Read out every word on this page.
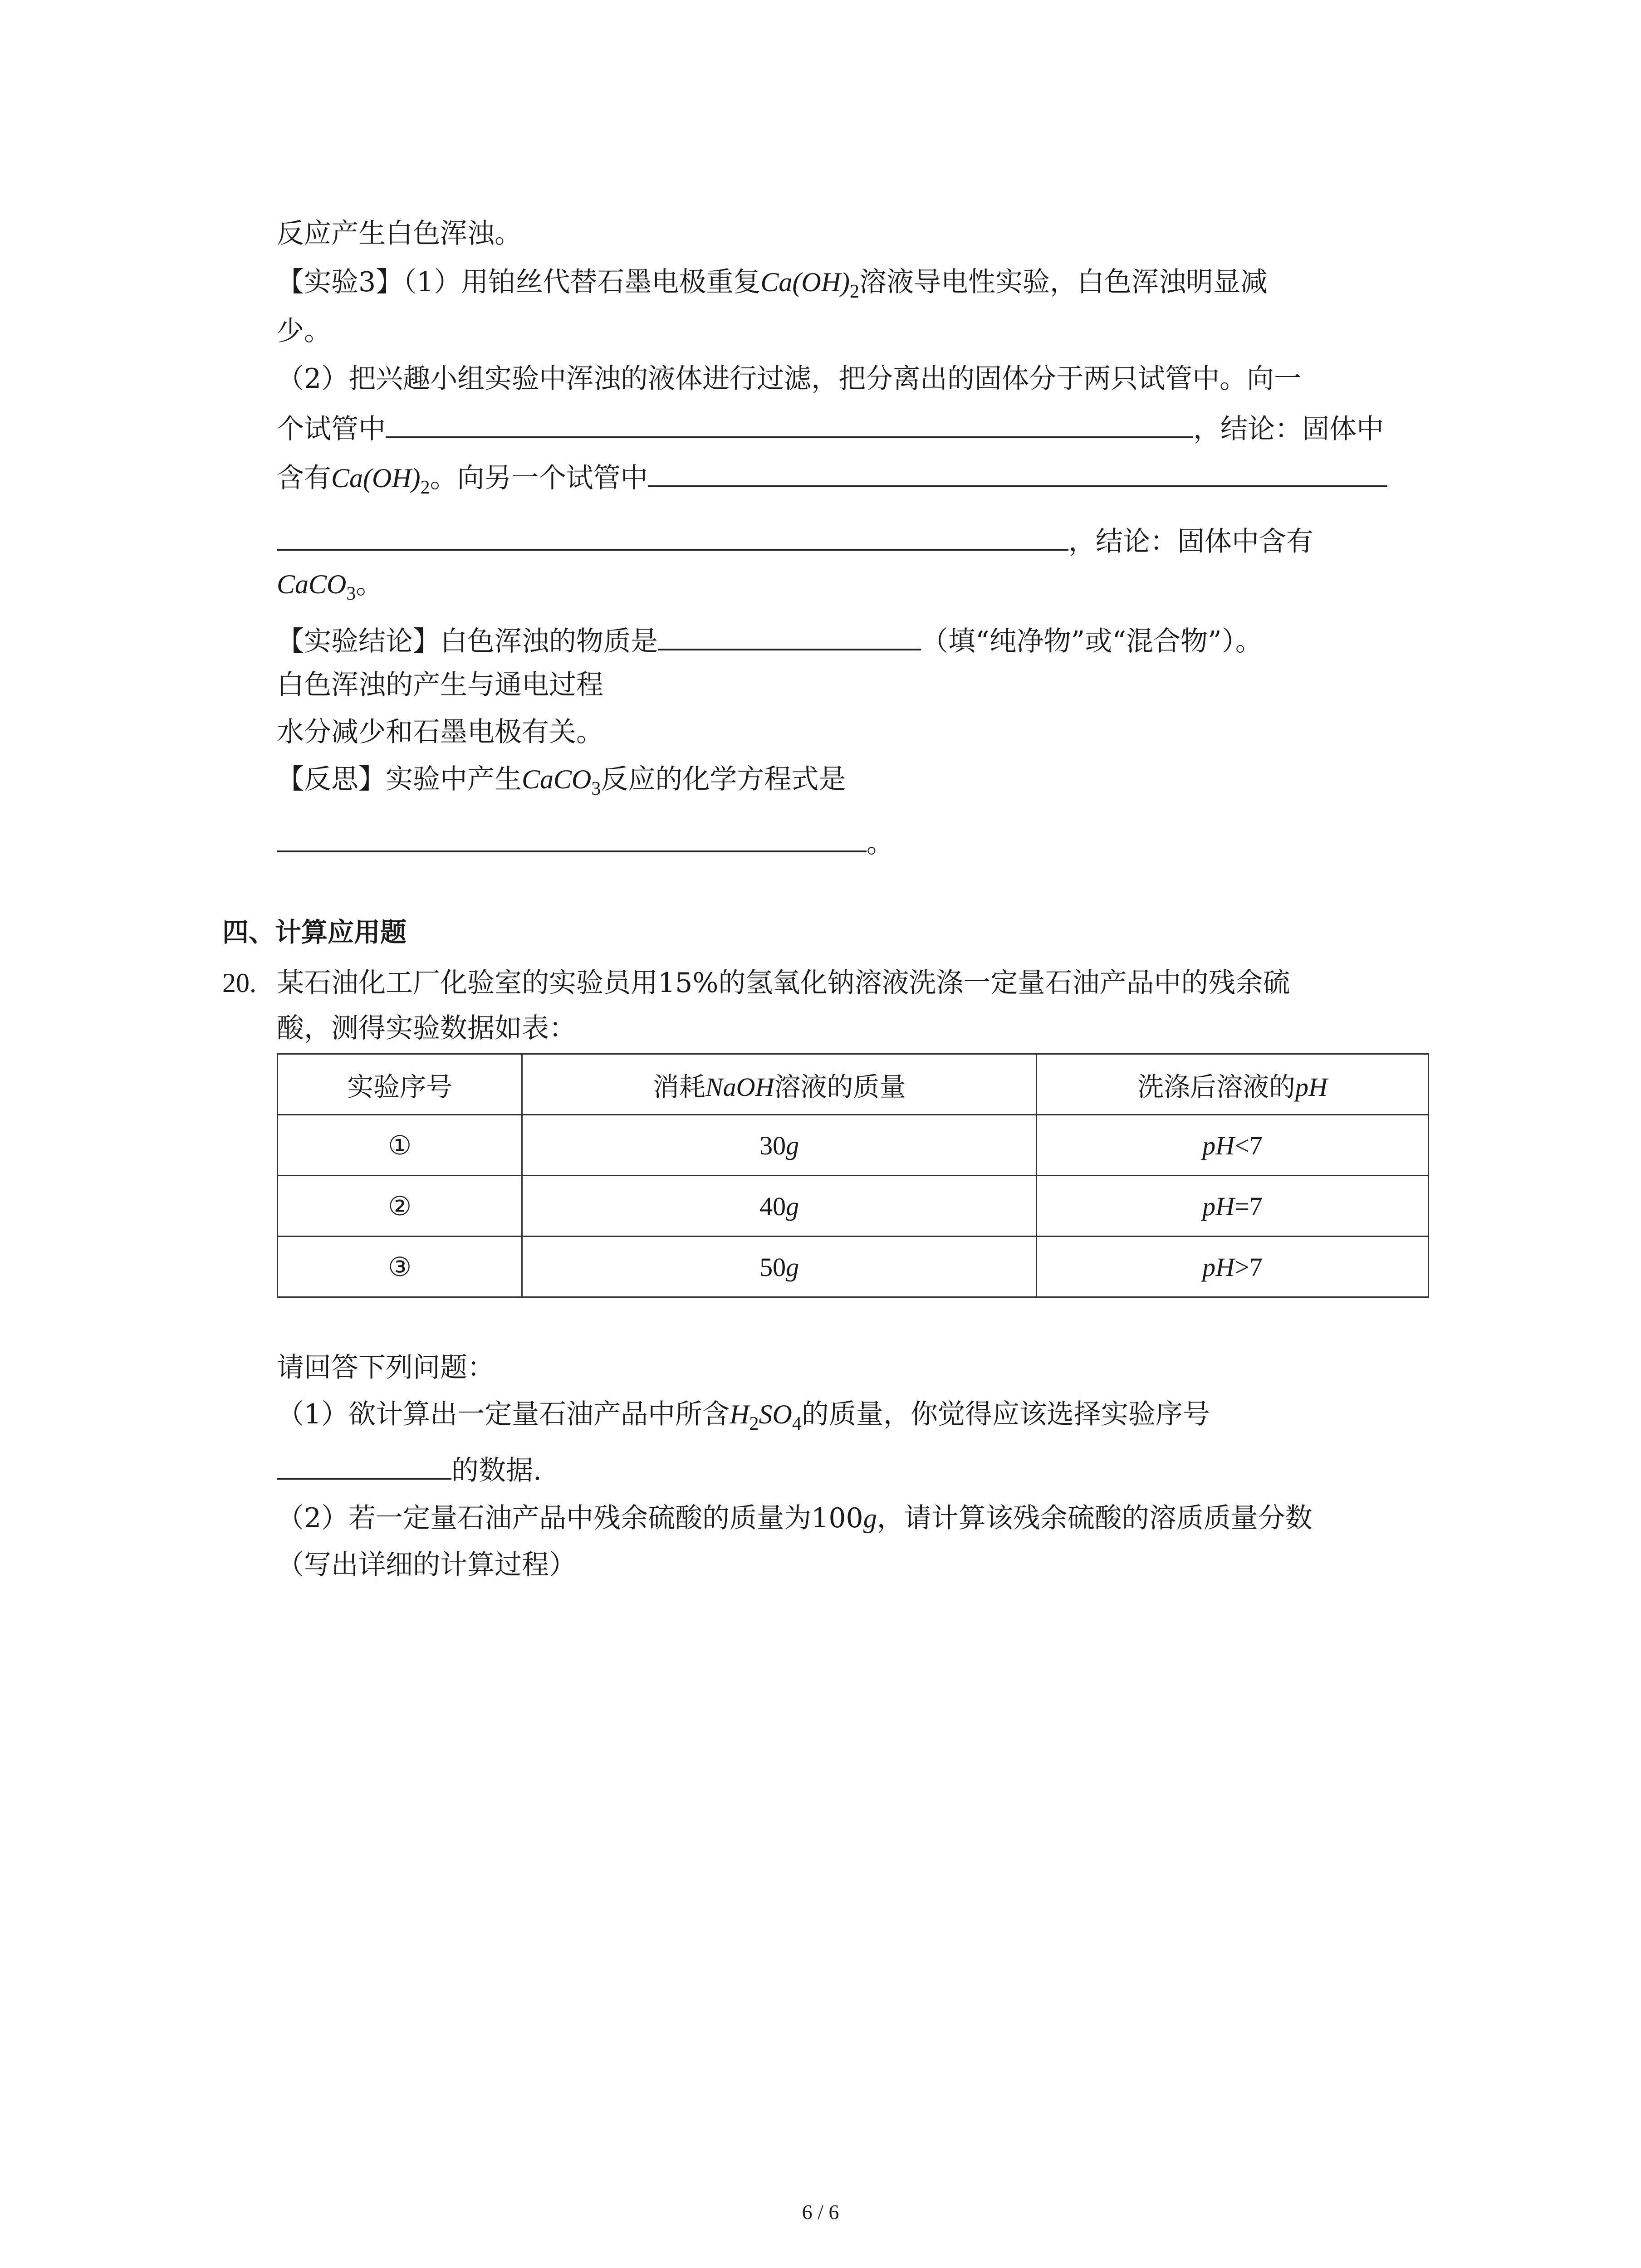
反应产生白色浑浊。
【实验3】（1）用铂丝代替石墨电极重复$Ca(OH)_2$溶液导电性实验，白色浑浊明显减
少。
（2）把兴趣小组实验中浑浊的液体进行过滤，把分离出的固体分于两只试管中。向一
个试管中	，结论：固体中
含有$Ca(OH)_2$。向另一个试管中
，结论：固体中含有
CaCO$_3$。
【实验结论】白色浑浊的物质是	（填“纯净物”或“混合物”）。
白色浑浊的产生与通电过程
水分减少和石墨电极有关。
【反思】实验中产生CaCO$_3$反应的化学方程式是
。
四、计算应用题
20. 某石油化工厂化验室的实验员用15%的氢氧化钠溶液洗涤一定量石油产品中的残余硫
酸，测得实验数据如表：
实验序号	消耗NaOH溶液的质量	洗涤后溶液的pH
①	30g	pH<7
②	40g	pH=7
③	50g	pH>7
请回答下列问题：
（1）欲计算出一定量石油产品中所含$H_2SO_4$的质量，你觉得应该选择实验序号
的数据.
（2）若一定量石油产品中残余硫酸的质量为100g，请计算该残余硫酸的溶质质量分数
（写出详细的计算过程）
6 / 6
